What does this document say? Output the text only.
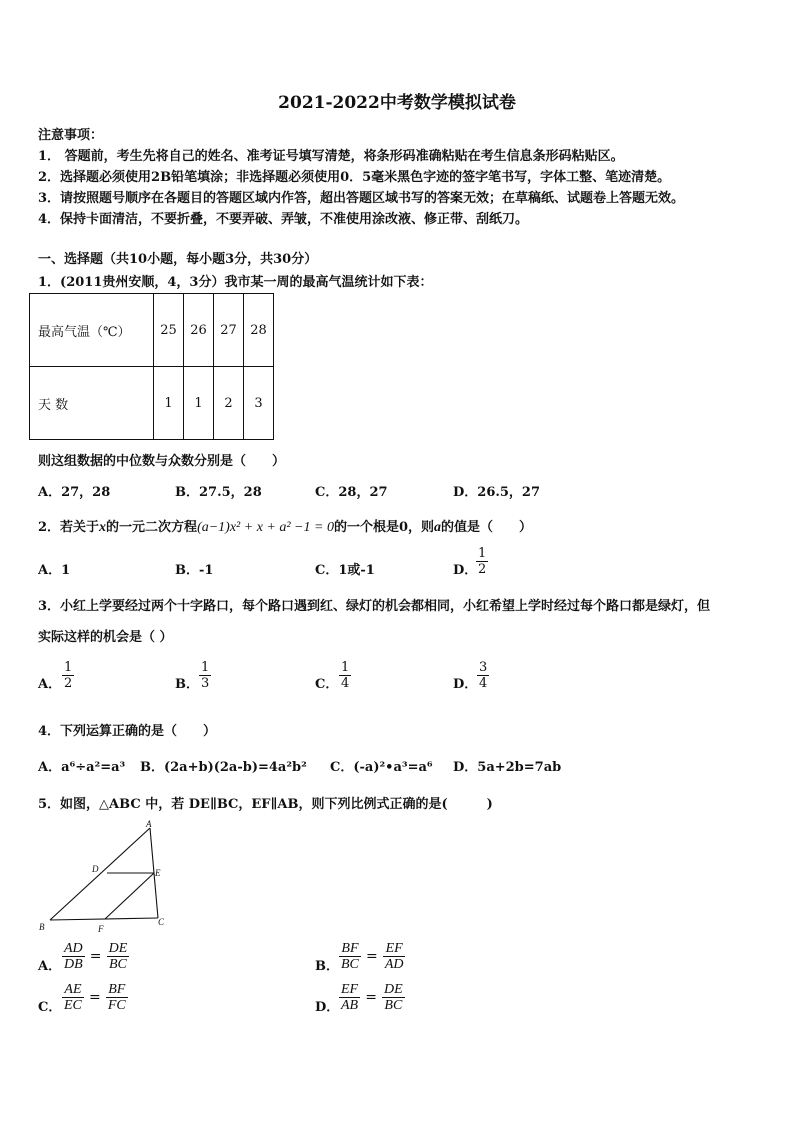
2021-2022中考数学模拟试卷
注意事项：
1． 答题前，考生先将自己的姓名、准考证号填写清楚，将条形码准确粘贴在考生信息条形码粘贴区。
2．选择题必须使用2B铅笔填涂；非选择题必须使用0．5毫米黑色字迹的签字笔书写，字体工整、笔迹清楚。
3．请按照题号顺序在各题目的答题区域内作答，超出答题区域书写的答案无效；在草稿纸、试题卷上答题无效。
4．保持卡面清洁，不要折叠，不要弄破、弄皱，不准使用涂改液、修正带、刮纸刀。
一、选择题（共10小题，每小题3分，共30分）
1．(2011贵州安顺，4，3分）我市某一周的最高气温统计如下表：
最高气温（℃）	25	26	27	28
天 数	1	1	2	3
则这组数据的中位数与众数分别是（　　）
A．27，28	B．27.5，28	C．28，27	D．26.5，27
2．若关于x的一元二次方程(a−1)x² + x + a² −1 = 0的一个根是0，则a的值是（　　）
A．1	B．-1	C．1或-1	D．
$\frac{1}{2}$
3．小红上学要经过两个十字路口，每个路口遇到红、绿灯的机会都相同，小红希望上学时经过每个路口都是绿灯，但
实际这样的机会是（ ）
A． $\frac{1}{2}$	B． $\frac{1}{3}$	C． $\frac{1}{4}$	D． $\frac{3}{4}$
4．下列运算正确的是（　　）
A．a⁶÷a²=a³ B．(2a+b)(2a-b)=4a²b² C．(-a)²•a³=a⁶ D．5a+2b=7ab
5．如图，△ABC 中，若 DE∥BC，EF∥AB，则下列比例式正确的是(　　　)
A
B	C
D	E
F
A． $\frac{AD}{DB} = \frac{DE}{BC}$	B． $\frac{BF}{BC} = \frac{EF}{AD}$
C． $\frac{AE}{EC} = \frac{BF}{FC}$	D． $\frac{EF}{AB} = \frac{DE}{BC}$
